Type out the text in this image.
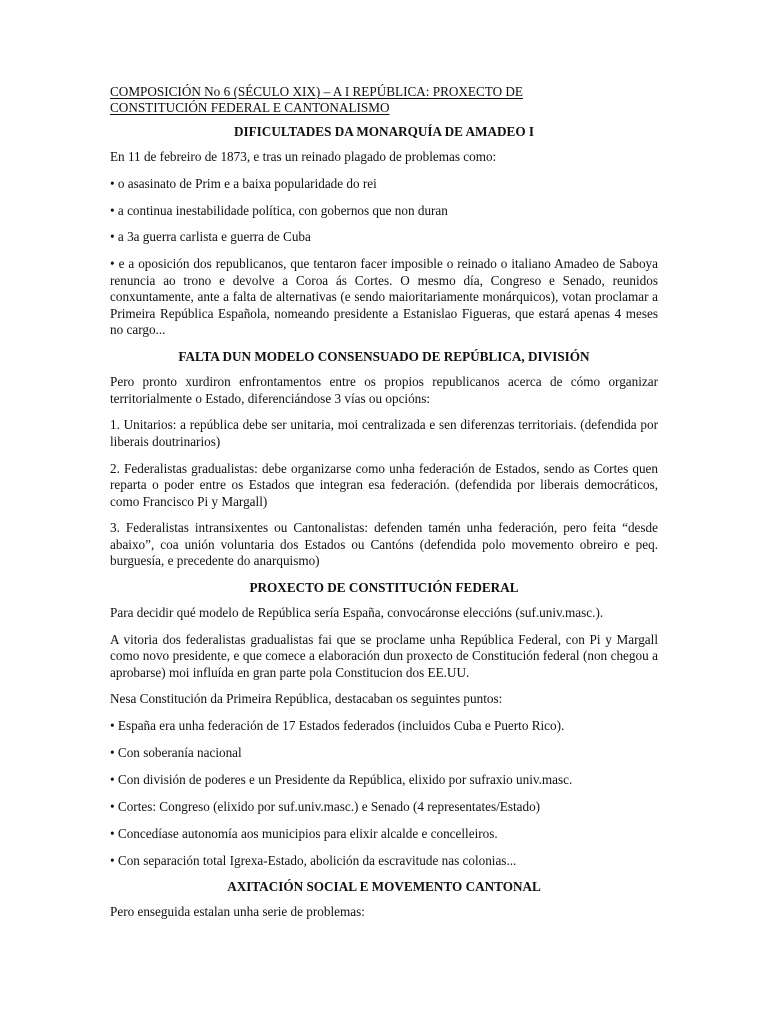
COMPOSICIÓN No 6 (SÉCULO XIX) – A I REPÚBLICA: PROXECTO DE
CONSTITUCIÓN FEDERAL E CANTONALISMO
DIFICULTADES DA MONARQUÍA DE AMADEO I

En 11 de febreiro de 1873, e tras un reinado plagado de problemas como:

• o asasinato de Prim e a baixa popularidade do rei

• a continua inestabilidade política, con gobernos que non duran

• a 3a guerra carlista e guerra de Cuba

• e a oposición dos republicanos, que tentaron facer imposible o reinado o italiano Amadeo de Saboya renuncia ao trono e devolve a Coroa ás Cortes. O mesmo día, Congreso e Senado, reunidos conxuntamente, ante a falta de alternativas (e sendo maioritariamente monárquicos), votan proclamar a Primeira República Española, nomeando presidente a Estanislao Figueras, que estará apenas 4 meses no cargo...

FALTA DUN MODELO CONSENSUADO DE REPÚBLICA, DIVISIÓN

Pero pronto xurdiron enfrontamentos entre os propios republicanos acerca de cómo organizar territorialmente o Estado, diferenciándose 3 vías ou opcións:

1. Unitarios: a república debe ser unitaria, moi centralizada e sen diferenzas territoriais. (defendida por liberais doutrinarios)

2. Federalistas gradualistas: debe organizarse como unha federación de Estados, sendo as Cortes quen reparta o poder entre os Estados que integran esa federación. (defendida por liberais democráticos, como Francisco Pi y Margall)

3. Federalistas intransixentes ou Cantonalistas: defenden tamén unha federación, pero feita “desde abaixo”, coa unión voluntaria dos Estados ou Cantóns (defendida polo movemento obreiro e peq. burguesía, e precedente do anarquismo)

PROXECTO DE CONSTITUCIÓN FEDERAL

Para decidir qué modelo de República sería España, convocáronse eleccións (suf.univ.masc.).

A vitoria dos federalistas gradualistas fai que se proclame unha República Federal, con Pi y Margall como novo presidente, e que comece a elaboración dun proxecto de Constitución federal (non chegou a aprobarse) moi influída en gran parte pola Constitucion dos EE.UU.

Nesa Constitución da Primeira República, destacaban os seguintes puntos:

• España era unha federación de 17 Estados federados (incluidos Cuba e Puerto Rico).

• Con soberanía nacional

• Con división de poderes e un Presidente da República, elixido por sufraxio univ.masc.

• Cortes: Congreso (elixido por suf.univ.masc.) e Senado (4 representates/Estado)

• Concedíase autonomía aos municipios para elixir alcalde e concelleiros.

• Con separación total Igrexa-Estado, abolición da escravitude nas colonias...

AXITACIÓN SOCIAL E MOVEMENTO CANTONAL

Pero enseguida estalan unha serie de problemas:
